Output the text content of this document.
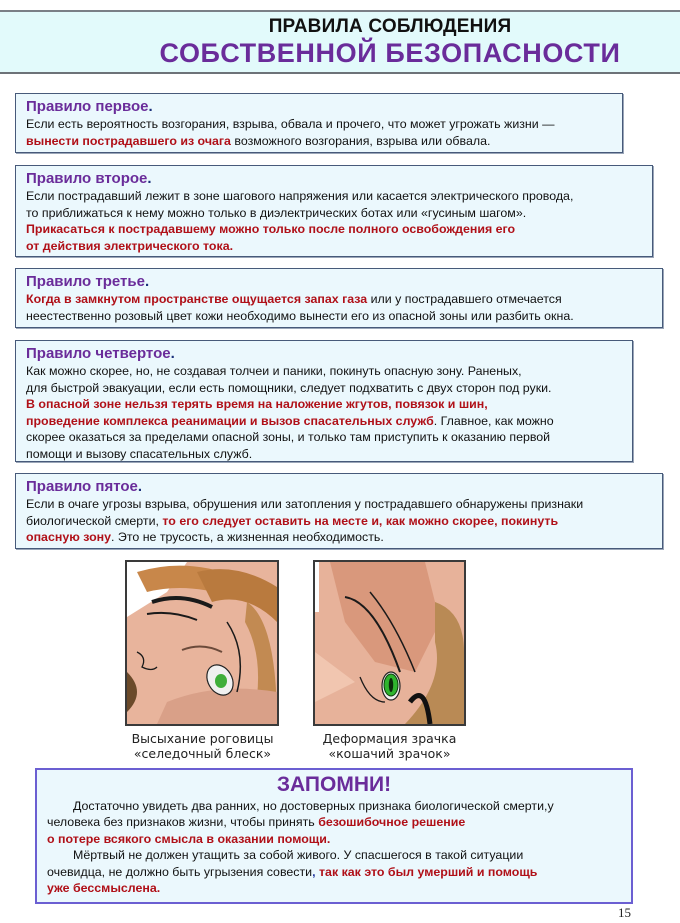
ПРАВИЛА СОБЛЮДЕНИЯ
СОБСТВЕННОЙ БЕЗОПАСНОСТИ
Правило первое.
Если есть вероятность возгорания, взрыва, обвала и прочего, что может угрожать жизни —
вынести пострадавшего из очага возможного возгорания, взрыва или обвала.
Правило второе.
Если пострадавший лежит в зоне шагового напряжения или касается электрического провода,
то приближаться к нему можно только в диэлектрических ботах или «гусиным шагом».
Прикасаться к пострадавшему можно только после полного освобождения его
от действия электрического тока.
Правило третье.
Когда в замкнутом пространстве ощущается запах газа или у пострадавшего отмечается
неестественно розовый цвет кожи необходимо вынести его из опасной зоны или разбить окна.
Правило четвертое.
Как можно скорее, но, не создавая толчеи и паники, покинуть опасную зону. Раненых,
для быстрой эвакуации, если есть помощники, следует подхватить с двух сторон под руки.
В опасной зоне нельзя терять время на наложение жгутов, повязок и шин,
проведение комплекса реанимации и вызов спасательных служб. Главное, как можно
скорее оказаться за пределами опасной зоны, и только там приступить к оказанию первой
помощи и вызову спасательных служб.
Правило пятое.
Если в очаге угрозы взрыва, обрушения или затопления у пострадавшего обнаружены признаки
биологической смерти, то его следует оставить на месте и, как можно скорее, покинуть
опасную зону. Это не трусость, а жизненная необходимость.
Высыхание роговицы
«селедочный блеск»
Деформация зрачка
«кошачий зрачок»
ЗАПОМНИ!
Достаточно увидеть два ранних, но достоверных признака биологической смерти,у
человека без признаков жизни, чтобы принять безошибочное решение
о потере всякого смысла в оказании помощи.
Мёртвый не должен утащить за собой живого. У спасшегося в такой ситуации
очевидца, не должно быть угрызения совести, так как это был умерший и помощь
уже бессмыслена.
15
